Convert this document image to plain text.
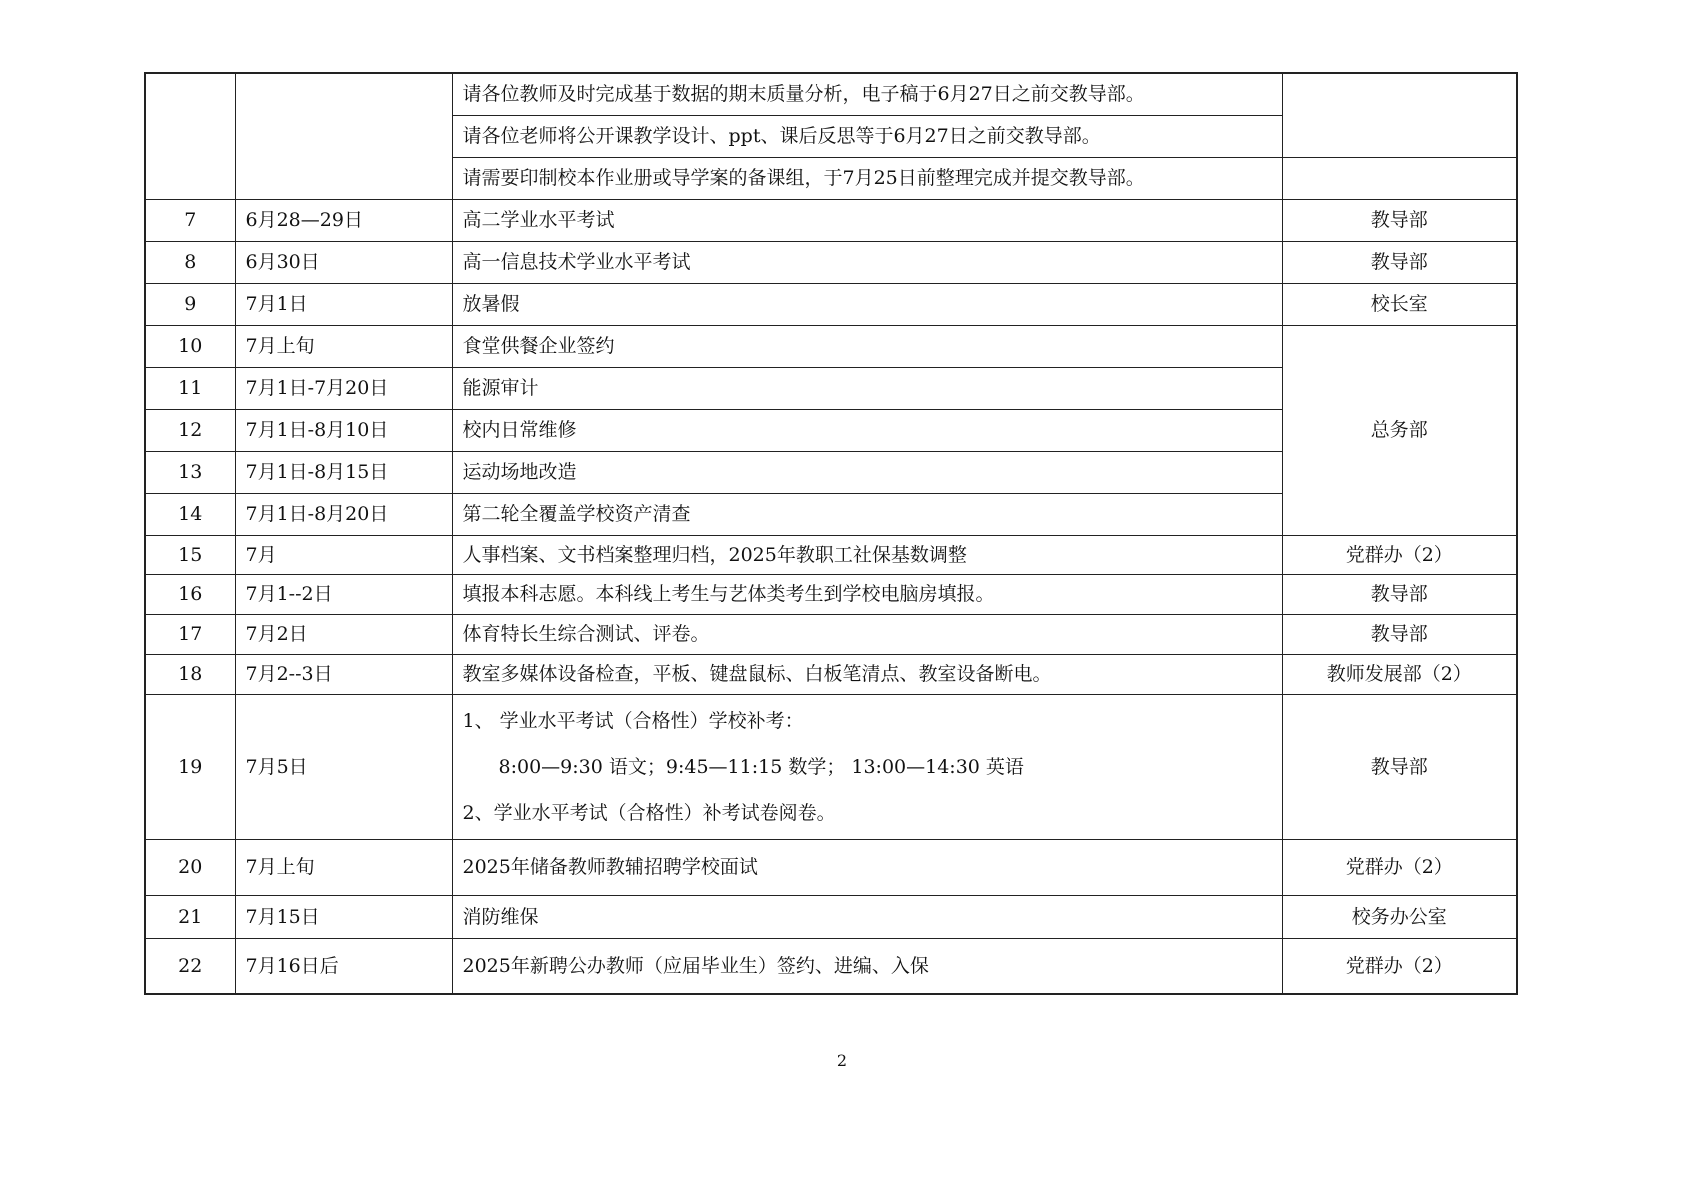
		请各位教师及时完成基于数据的期末质量分析，电子稿于6月27日之前交教导部。	
		请各位老师将公开课教学设计、ppt、课后反思等于6月27日之前交教导部。	
		请需要印制校本作业册或导学案的备课组，于7月25日前整理完成并提交教导部。	
7	6月28—29日	高二学业水平考试	教导部
8	6月30日	高一信息技术学业水平考试	教导部
9	7月1日	放暑假	校长室
10	7月上旬	食堂供餐企业签约	总务部
11	7月1日-7月20日	能源审计	
12	7月1日-8月10日	校内日常维修	
13	7月1日-8月15日	运动场地改造	
14	7月1日-8月20日	第二轮全覆盖学校资产清查	
15	7月	人事档案、文书档案整理归档，2025年教职工社保基数调整	党群办（2）
16	7月1--2日	填报本科志愿。本科线上考生与艺体类考生到学校电脑房填报。	教导部
17	7月2日	体育特长生综合测试、评卷。	教导部
18	7月2--3日	教室多媒体设备检查，平板、键盘鼠标、白板笔清点、教室设备断电。	教师发展部（2）
19	7月5日	1、 学业水平考试（合格性）学校补考：

8:00—9:30 语文；9:45—11:15 数学； 13:00—14:30 英语

2、学业水平考试（合格性）补考试卷阅卷。	教导部
20	7月上旬	2025年储备教师教辅招聘学校面试	党群办（2）
21	7月15日	消防维保	校务办公室
22	7月16日后	2025年新聘公办教师（应届毕业生）签约、进编、入保	党群办（2）
2
